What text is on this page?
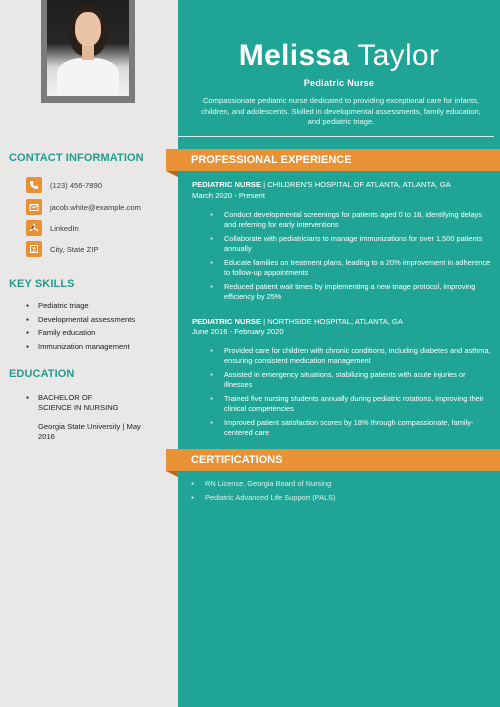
Melissa Taylor
Pediatric Nurse
Compassionate pediatric nurse dedicated to providing exceptional care for infants, children, and adolescents. Skilled in developmental assessments, family education, and pediatric triage.
CONTACT INFORMATION
(123) 456-7890
jacob.white@example.com
LinkedIn
City, State ZIP
KEY SKILLS
● Pediatric triage
● Developmental assessments
● Family education
● Immunization management
EDUCATION
● BACHELOR OF SCIENCE IN NURSING
Georgia State University | May 2016
PROFESSIONAL EXPERIENCE
PEDIATRIC NURSE | CHILDREN'S HOSPITAL OF ATLANTA, ATLANTA, GA
March 2020 - Present
● Conduct developmental screenings for patients aged 0 to 18, identifying delays and referring for early interventions
● Collaborate with pediatricians to manage immunizations for over 1,500 patients annually
● Educate families on treatment plans, leading to a 20% improvement in adherence to follow-up appointments
● Reduced patient wait times by implementing a new triage protocol, improving efficiency by 25%
PEDIATRIC NURSE | NORTHSIDE HOSPITAL, ATLANTA, GA
June 2016 - February 2020
● Provided care for children with chronic conditions, including diabetes and asthma, ensuring consistent medication management
● Assisted in emergency situations, stabilizing patients with acute injuries or illnesses
● Trained five nursing students annually during pediatric rotations, improving their clinical competencies
● Improved patient satisfaction scores by 18% through compassionate, family-centered care
CERTIFICATIONS
● RN License, Georgia Board of Nursing
● Pediatric Advanced Life Support (PALS)
